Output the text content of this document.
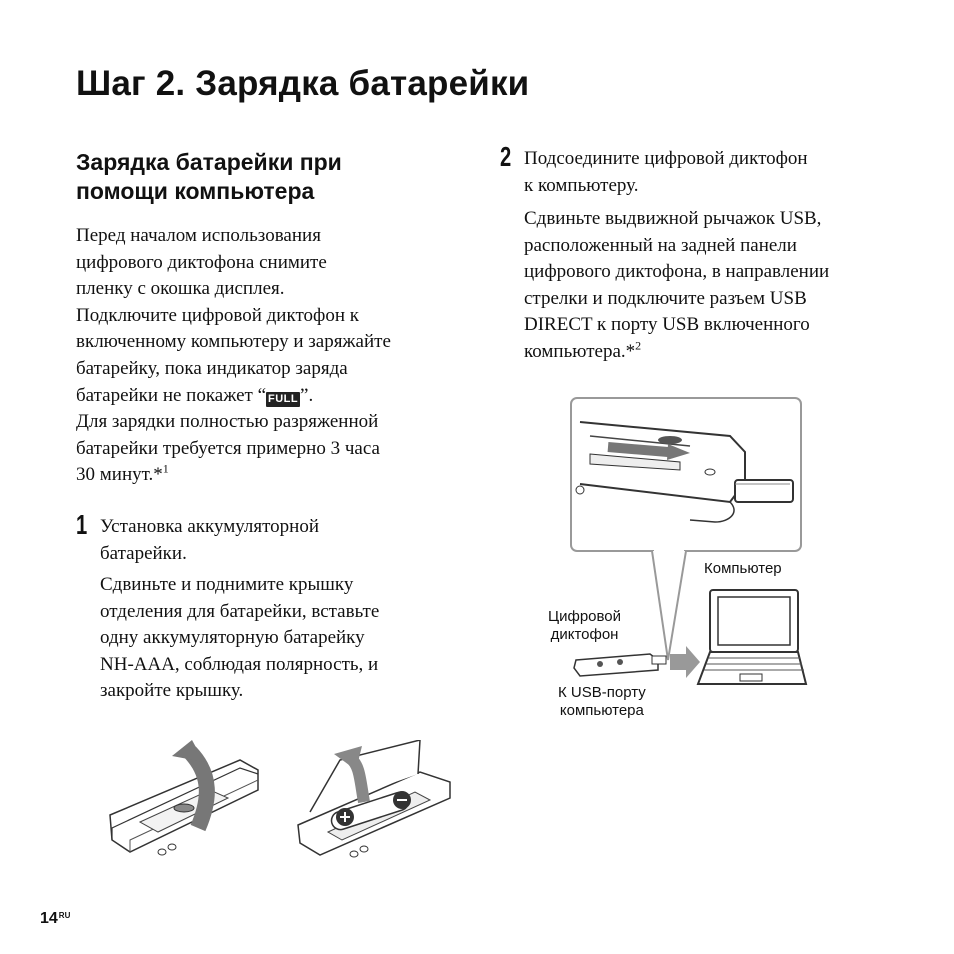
Шаг 2. Зарядка батарейки
Зарядка батарейки при
помощи компьютера
Перед началом использования
цифрового диктофона снимите
пленку с окошка дисплея.
Подключите цифровой диктофон к
включенному компьютеру и заряжайте
батарейку, пока индикатор заряда
батарейки не покажет “ FULL ”.
Для зарядки полностью разряженной
батарейки требуется примерно 3 часа
30 минут.*$^1$
1 Установка аккумуляторной
батарейки.
Сдвиньте и поднимите крышку
отделения для батарейки, вставьте
одну аккумуляторную батарейку
NH-AAA, соблюдая полярность, и
закройте крышку.
2 Подсоедините цифровой диктофон
к компьютеру.
Сдвиньте выдвижной рычажок USB,
расположенный на задней панели
цифрового диктофона, в направлении
стрелки и подключите разъем USB
DIRECT к порту USB включенного
компьютера.*$^2$
Компьютер
Цифровой
диктофон
К USB-порту
компьютера
$14^{RU}$
